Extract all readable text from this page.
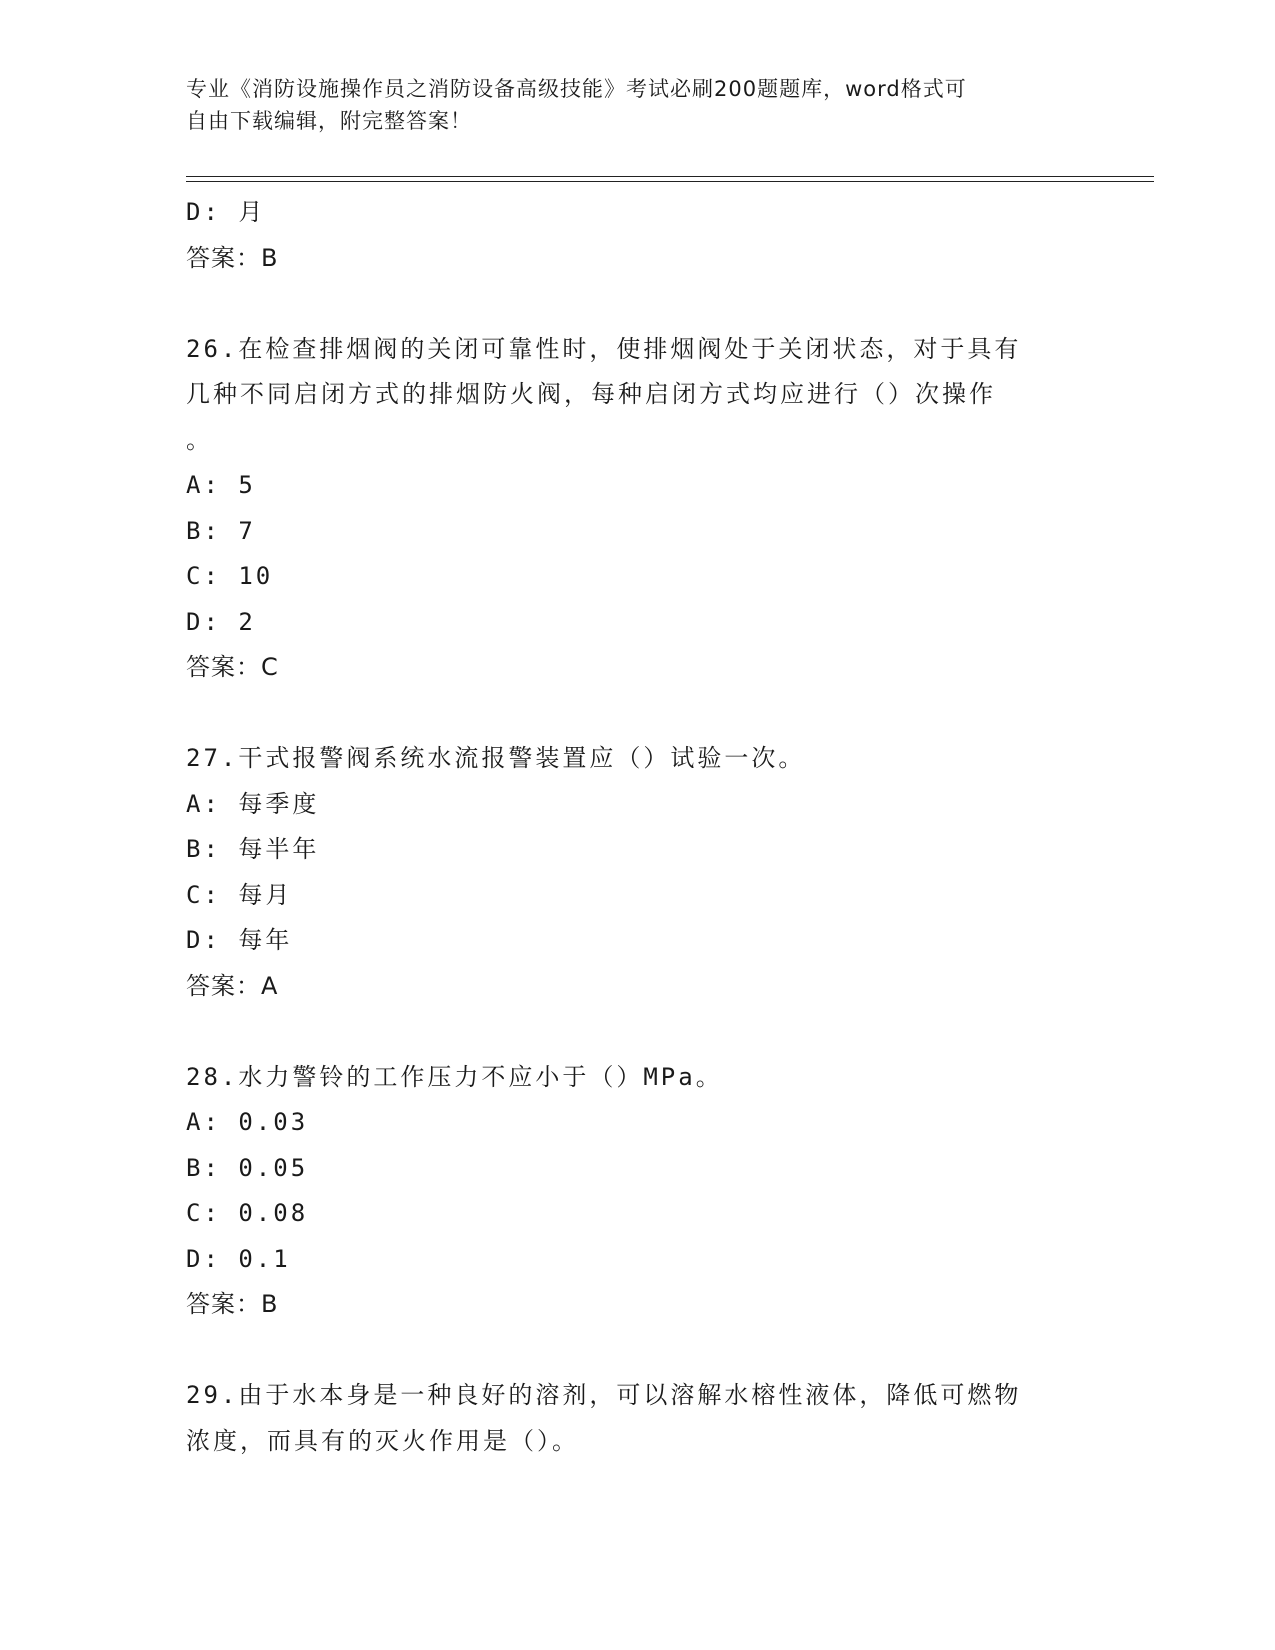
专业《消防设施操作员之消防设备高级技能》考试必刷200题题库，word格式可
自由下载编辑，附完整答案！
D: 月
答案：B
26.在检查排烟阀的关闭可靠性时，使排烟阀处于关闭状态，对于具有
几种不同启闭方式的排烟防火阀，每种启闭方式均应进行（）次操作
。
A: 5
B: 7
C: 10
D: 2
答案：C
27.干式报警阀系统水流报警装置应（）试验一次。
A: 每季度
B: 每半年
C: 每月
D: 每年
答案：A
28.水力警铃的工作压力不应小于（）MPa。
A: 0.03
B: 0.05
C: 0.08
D: 0.1
答案：B
29.由于水本身是一种良好的溶剂，可以溶解水榕性液体，降低可燃物
浓度，而具有的灭火作用是（）。
